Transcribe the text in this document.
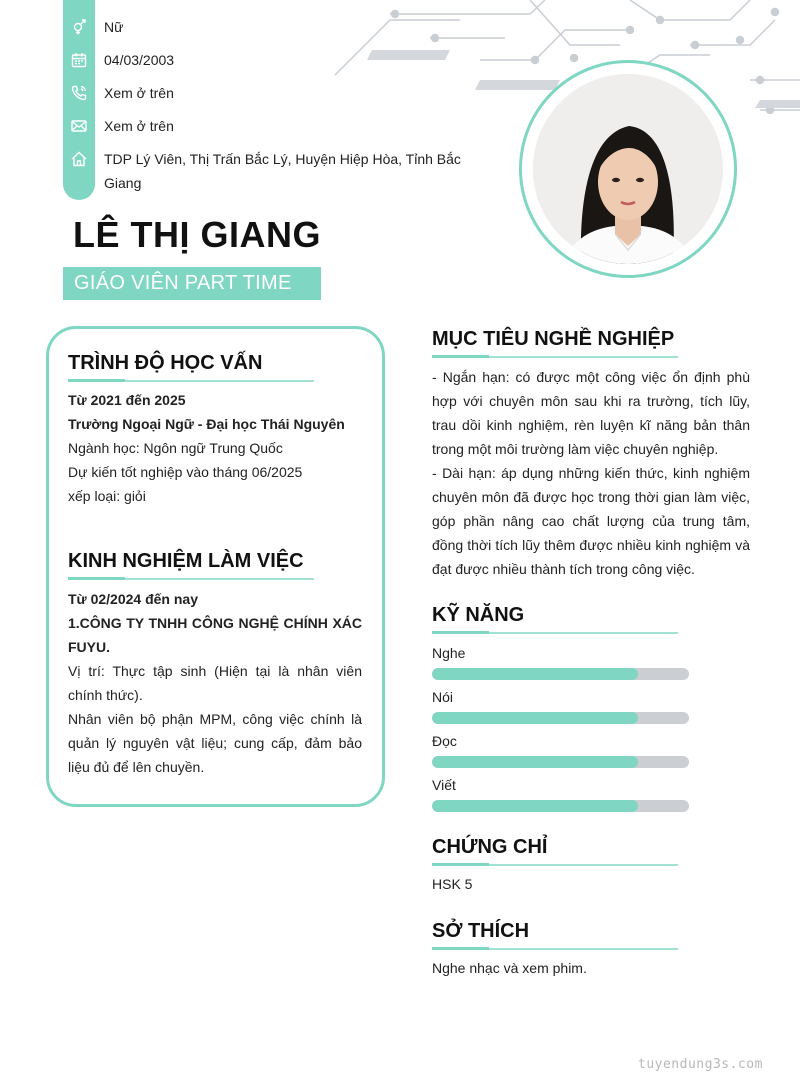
Nữ
04/03/2003
Xem ở trên
Xem ở trên
TDP Lý Viên, Thị Trấn Bắc Lý, Huyện Hiệp Hòa, Tỉnh Bắc Giang
LÊ THỊ GIANG
GIÁO VIÊN PART TIME
TRÌNH ĐỘ HỌC VẤN
Từ 2021 đến 2025
Trường Ngoại Ngữ - Đại học Thái Nguyên
Ngành học: Ngôn ngữ Trung Quốc
Dự kiến tốt nghiệp vào tháng 06/2025
xếp loại: giỏi
KINH NGHIỆM LÀM VIỆC
Từ 02/2024 đến nay
1.CÔNG TY TNHH CÔNG NGHỆ CHÍNH XÁC FUYU.
Vị trí: Thực tập sinh (Hiện tại là nhân viên chính thức).
Nhân viên bộ phận MPM, công việc chính là quản lý nguyên vật liệu; cung cấp, đảm bảo liệu đủ để lên chuyền.
MỤC TIÊU NGHỀ NGHIỆP
- Ngắn hạn: có được một công việc ổn định phù hợp với chuyên môn sau khi ra trường, tích lũy, trau dồi kinh nghiệm, rèn luyện kĩ năng bản thân trong một môi trường làm việc chuyên nghiệp.
- Dài hạn: áp dụng những kiến thức, kinh nghiệm chuyên môn đã được học trong thời gian làm việc, góp phần nâng cao chất lượng của trung tâm, đồng thời tích lũy thêm được nhiều kinh nghiệm và đạt được nhiều thành tích trong công việc.
KỸ NĂNG
Nghe
Nói
Đọc
Viết
CHỨNG CHỈ
HSK 5
SỞ THÍCH
Nghe nhạc và xem phim.
tuyendung3s.com
